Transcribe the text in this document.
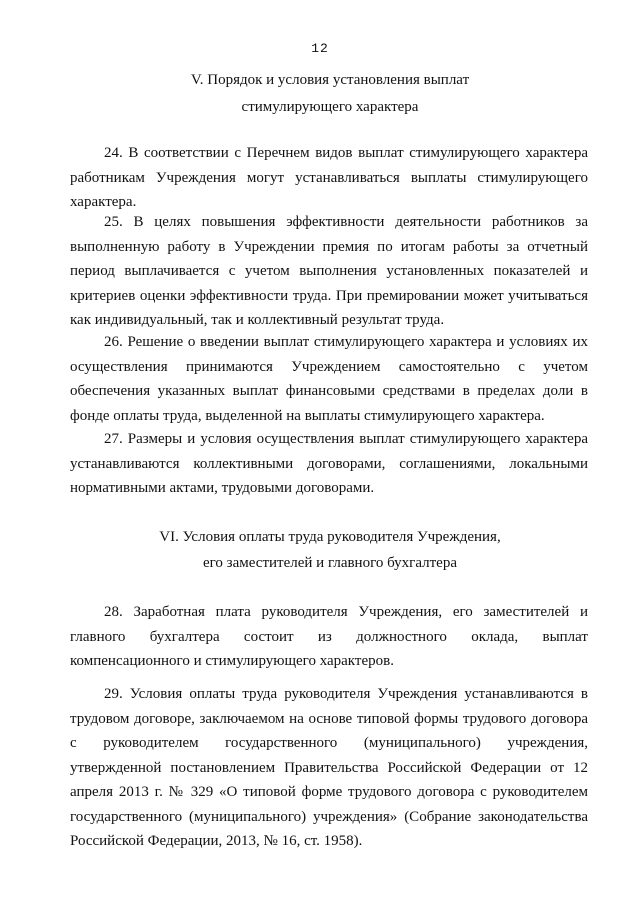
12
V. Порядок и условия установления выплат
стимулирующего характера

24. В соответствии с Перечнем видов выплат стимулирующего характера работникам Учреждения могут устанавливаться выплаты стимулирующего характера.

25. В целях повышения эффективности деятельности работников за выполненную работу в Учреждении премия по итогам работы за отчетный период выплачивается с учетом выполнения установленных показателей и критериев оценки эффективности труда. При премировании может учитываться как индивидуальный, так и коллективный результат труда.

26. Решение о введении выплат стимулирующего характера и условиях их осуществления принимаются Учреждением самостоятельно с учетом обеспечения указанных выплат финансовыми средствами в пределах доли в фонде оплаты труда, выделенной на выплаты стимулирующего характера.

27. Размеры и условия осуществления выплат стимулирующего характера устанавливаются коллективными договорами, соглашениями, локальными нормативными актами, трудовыми договорами.

VI. Условия оплаты труда руководителя Учреждения,
его заместителей и главного бухгалтера

28. Заработная плата руководителя Учреждения, его заместителей и главного бухгалтера состоит из должностного оклада, выплат компенсационного и стимулирующего характеров.

29. Условия оплаты труда руководителя Учреждения устанавливаются в трудовом договоре, заключаемом на основе типовой формы трудового договора с руководителем государственного (муниципального) учреждения, утвержденной постановлением Правительства Российской Федерации от 12 апреля 2013 г. № 329 «О типовой форме трудового договора с руководителем государственного (муниципального) учреждения» (Собрание законодательства Российской Федерации, 2013, № 16, ст. 1958).
